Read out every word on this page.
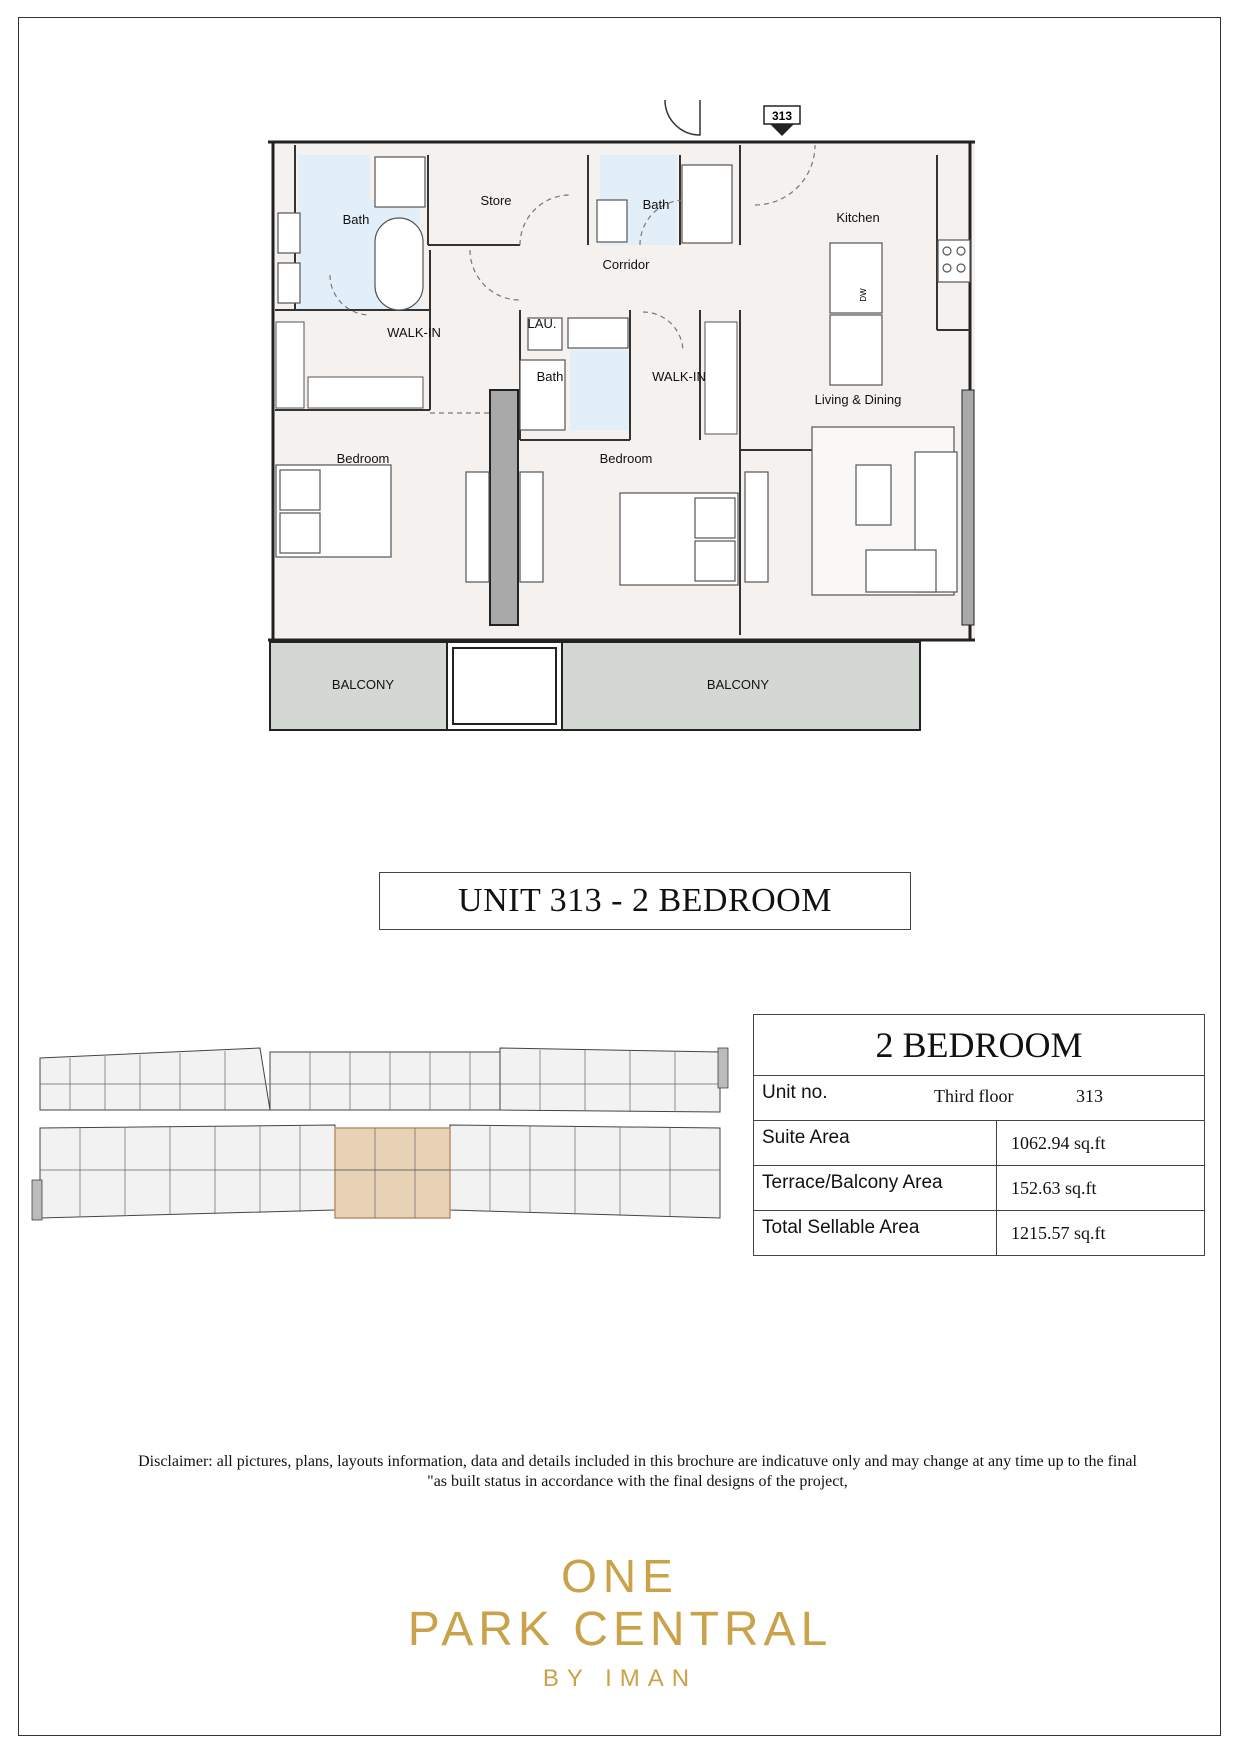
313
Bath
Store	Bath
Kitchen
Corridor
WALK-IN
LAU.
Bath	WALK-IN
Living & Dining
Bedroom	Bedroom
BALCONY	BALCONY
DW
UNIT 313 - 2 BEDROOM
2 BEDROOM
Unit no.	Third floor	313
Suite Area	1062.94 sq.ft
Terrace/Balcony Area	152.63 sq.ft
Total Sellable Area	1215.57 sq.ft
Disclaimer: all pictures, plans, layouts information, data and details included in this brochure are indicatuve only and may change at any time up to the final
"as built status in accordance with the final designs of the project,
ONE
PARK CENTRAL
BY IMAN
